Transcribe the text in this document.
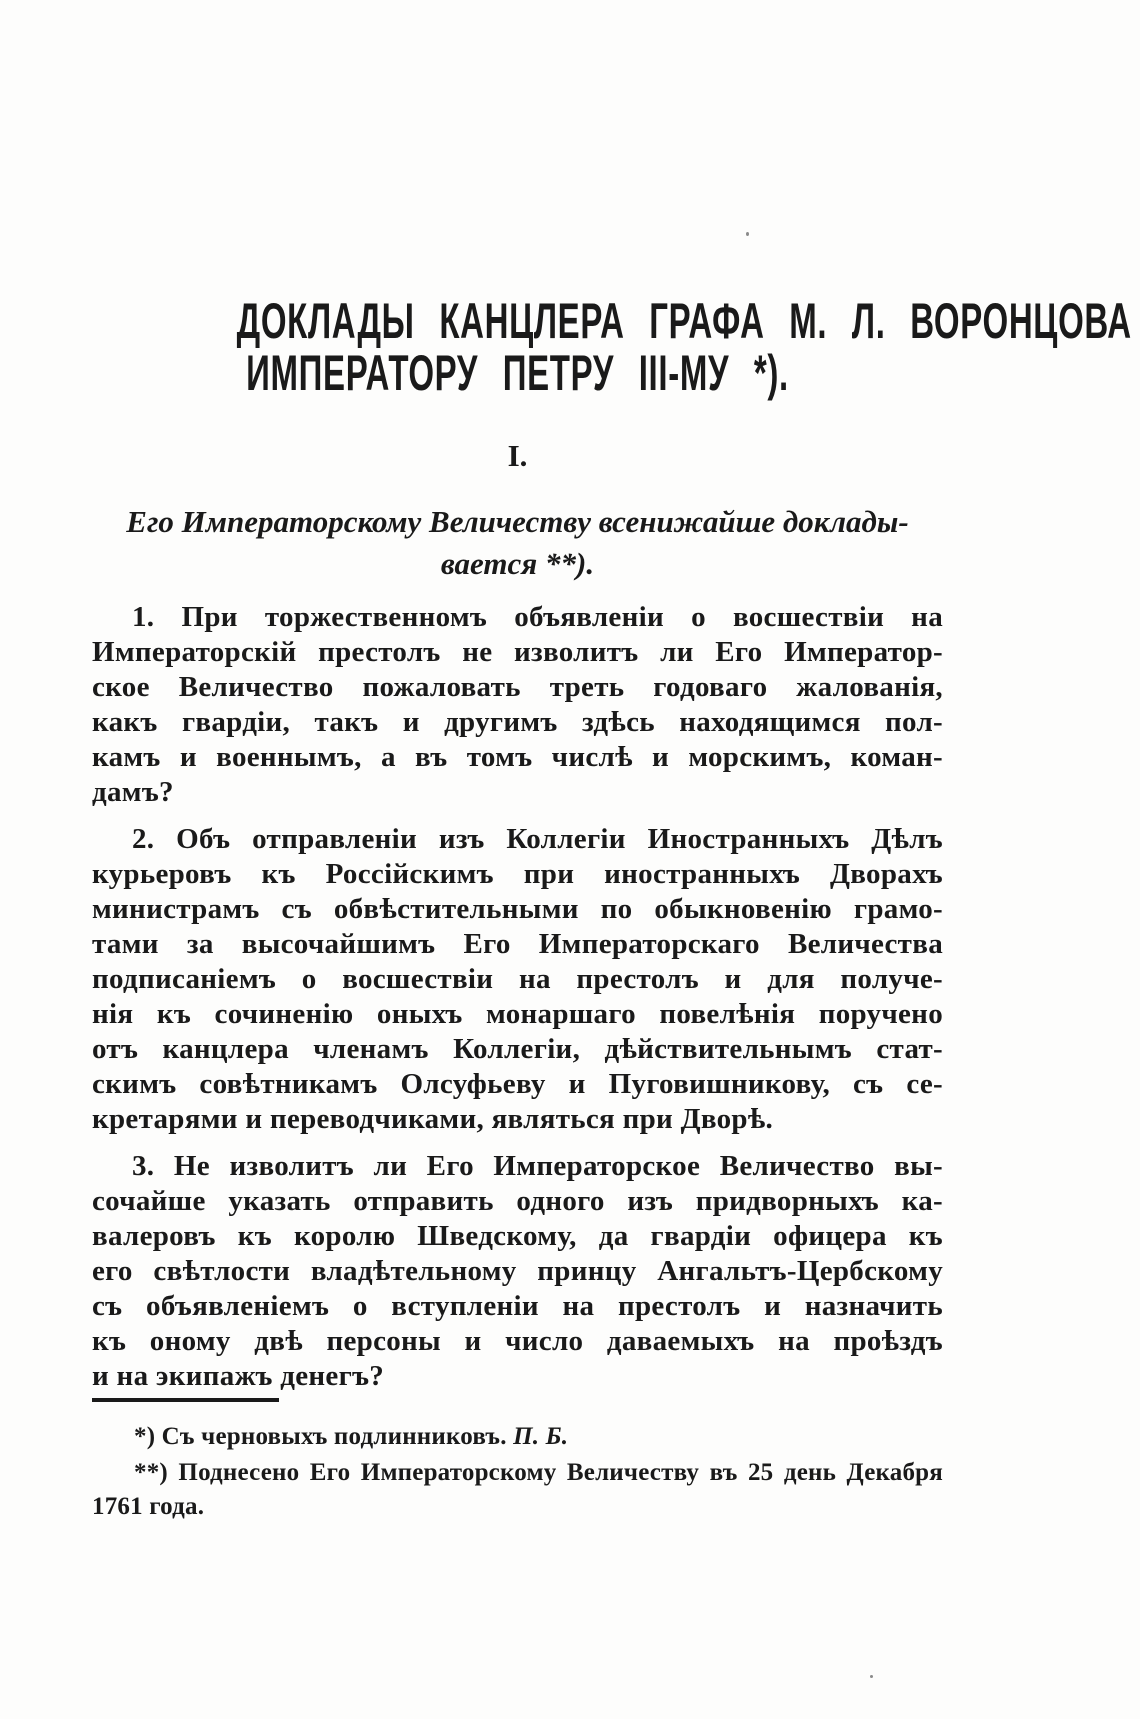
ДОКЛАДЫ КАНЦЛЕРА ГРАФА М. Л. ВОРОНЦОВА
ИМПЕРАТОРУ ПЕТРУ III-МУ *).
I.
Его Императорскому Величеству всенижайше доклады-
вается **).
1. При торжественномъ объявленіи о восшествіи на
Императорскій престолъ не изволитъ ли Его Император-
ское Величество пожаловать треть годоваго жалованія,
какъ гвардіи, такъ и другимъ здѣсь находящимся пол-
камъ и военнымъ, а въ томъ числѣ и морскимъ, коман-
дамъ?
2. Объ отправленіи изъ Коллегіи Иностранныхъ Дѣлъ
курьеровъ къ Россійскимъ при иностранныхъ Дворахъ
министрамъ съ обвѣстительными по обыкновенію грамо-
тами за высочайшимъ Его Императорскаго Величества
подписаніемъ о восшествіи на престолъ и для получе-
нія къ сочиненію оныхъ монаршаго повелѣнія поручено
отъ канцлера членамъ Коллегіи, дѣйствительнымъ стат-
скимъ совѣтникамъ Олсуфьеву и Пуговишникову, съ се-
кретарями и переводчиками, являться при Дворѣ.
3. Не изволитъ ли Его Императорское Величество вы-
сочайше указать отправить одного изъ придворныхъ ка-
валеровъ къ королю Шведскому, да гвардіи офицера къ
его свѣтлости владѣтельному принцу Ангальтъ-Цербскому
съ объявленіемъ о вступленіи на престолъ и назначить
къ оному двѣ персоны и число даваемыхъ на проѣздъ
и на экипажъ денегъ?
*) Съ черновыхъ подлинниковъ. П. Б.
**) Поднесено Его Императорскому Величеству въ 25 день Декабря
1761 года.
